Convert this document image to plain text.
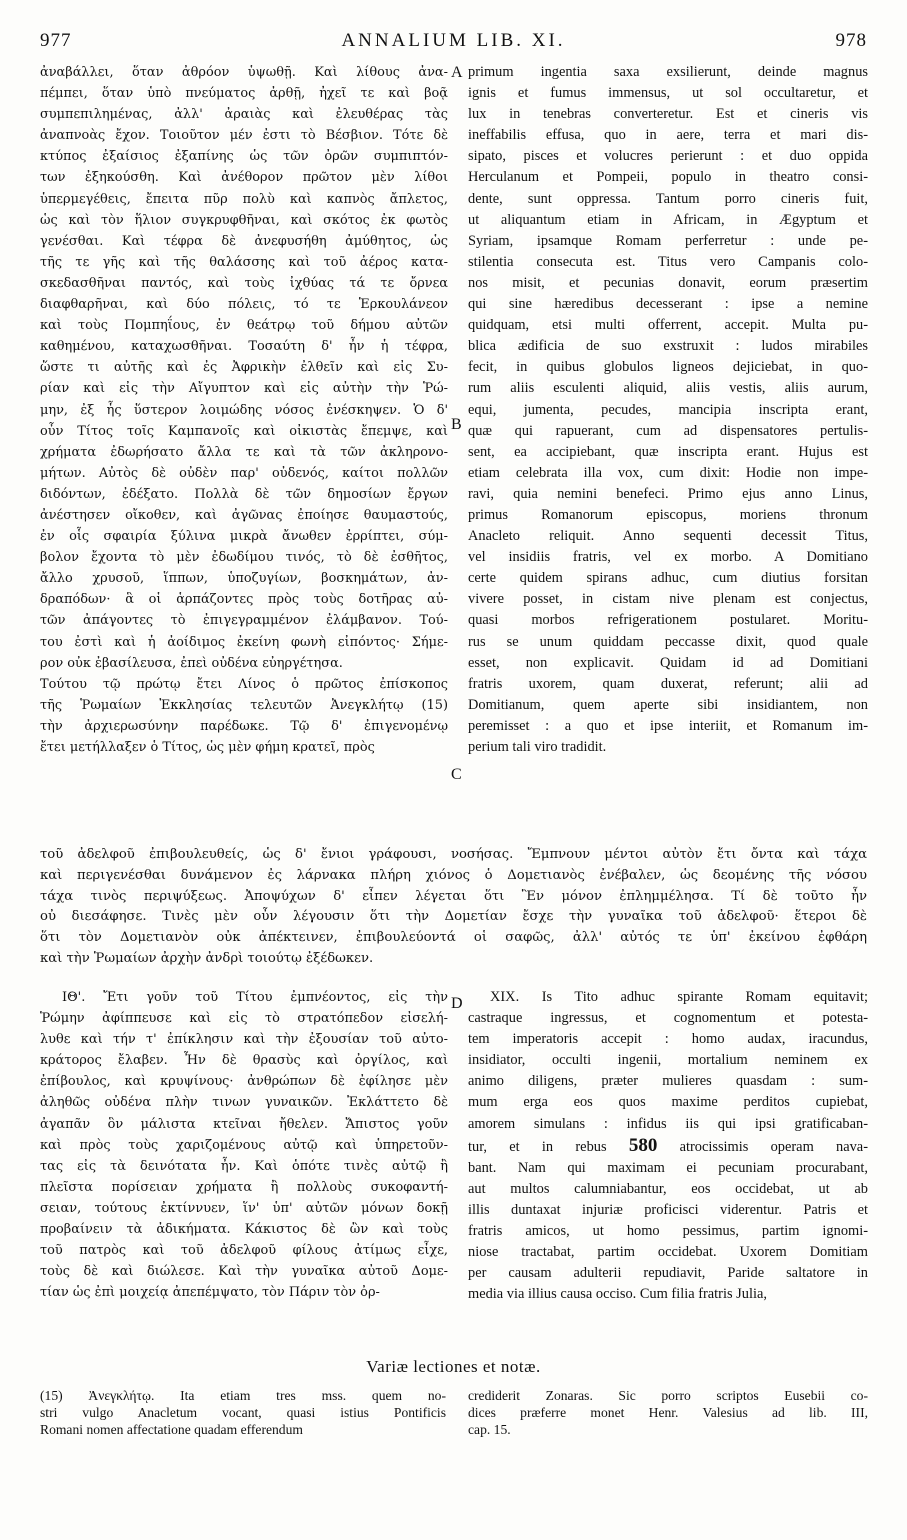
977	ANNALIUM LIB. XI.	978

ἀναβάλλει, ὅταν ἀθρόον ὑψωθῇ. Καὶ λίθους ἀνα-

πέμπει, ὅταν ὑπὸ πνεύματος ἀρθῇ, ἠχεῖ τε καὶ βοᾷ

συμπεπιλημένας, ἀλλ' ἀραιὰς καὶ ἐλευθέρας τὰς

ἀναπνοὰς ἔχον. Τοιοῦτον μέν ἐστι τὸ Βέσβιον. Τότε δὲ

κτύπος ἐξαίσιος ἐξαπίνης ὡς τῶν ὀρῶν συμπιπτόν-

των ἐξηκούσθη. Καὶ ἀνέθορον πρῶτον μὲν λίθοι

ὑπερμεγέθεις, ἔπειτα πῦρ πολὺ καὶ καπνὸς ἄπλετος,

ὡς καὶ τὸν ἥλιον συγκρυφθῆναι, καὶ σκότος ἐκ φωτὸς

γενέσθαι. Καὶ τέφρα δὲ ἀνεφυσήθη ἀμύθητος, ὡς

τῆς τε γῆς καὶ τῆς θαλάσσης καὶ τοῦ ἀέρος κατα-

σκεδασθῆναι παντός, καὶ τοὺς ἰχθύας τά τε ὄρνεα

διαφθαρῆναι, καὶ δύο πόλεις, τό τε Ἑρκουλάνεον

καὶ τοὺς Πομπηΐους, ἐν θεάτρῳ τοῦ δήμου αὐτῶν

καθημένου, καταχωσθῆναι. Τοσαύτη δ' ἦν ἡ τέφρα,

ὥστε τι αὐτῆς καὶ ἐς Ἀφρικὴν ἐλθεῖν καὶ εἰς Συ-

ρίαν καὶ εἰς τὴν Αἴγυπτον καὶ εἰς αὐτὴν τὴν Ῥώ-

μην, ἐξ ἧς ὕστερον λοιμώδης νόσος ἐνέσκηψεν. Ὁ δ'

οὖν Τίτος τοῖς Καμπανοῖς καὶ οἰκιστὰς ἔπεμψε, καὶ

χρήματα ἐδωρήσατο ἄλλα τε καὶ τὰ τῶν ἀκληρονο-

μήτων. Αὐτὸς δὲ οὐδὲν παρ' οὐδενός, καίτοι πολλῶν

διδόντων, ἐδέξατο. Πολλὰ δὲ τῶν δημοσίων ἔργων

ἀνέστησεν οἴκοθεν, καὶ ἀγῶνας ἐποίησε θαυμαστούς,

ἐν οἷς σφαιρία ξύλινα μικρὰ ἄνωθεν ἐρρίπτει, σύμ-

βολον ἔχοντα τὸ μὲν ἐδωδίμου τινός, τὸ δὲ ἐσθῆτος,

ἄλλο χρυσοῦ, ἵππων, ὑποζυγίων, βοσκημάτων, ἀν-

δραπόδων· ἃ οἱ ἁρπάζοντες πρὸς τοὺς δοτῆρας αὐ-

τῶν ἀπάγοντες τὸ ἐπιγεγραμμένον ἐλάμβανον. Τού-

του ἐστὶ καὶ ἡ ἀοίδιμος ἐκείνη φωνὴ εἰπόντος· Σήμε-

ρον οὐκ ἐβασίλευσα, ἐπεὶ οὐδένα εὐηργέτησα.

Τούτου τῷ πρώτῳ ἔτει Λίνος ὁ πρῶτος ἐπίσκοπος

τῆς Ῥωμαίων Ἐκκλησίας τελευτῶν Ἀνεγκλήτῳ (15)

τὴν ἀρχιερωσύνην παρέδωκε. Τῷ δ' ἐπιγενομένῳ

ἔτει μετήλλαξεν ὁ Τίτος, ὡς μὲν φήμη κρατεῖ, πρὸς

A
B
C
D

primum ingentia saxa exsilierunt, deinde magnus

ignis et fumus immensus, ut sol occultaretur, et

lux in tenebras converteretur. Est et cineris vis

ineffabilis effusa, quo in aere, terra et mari dis-

sipato, pisces et volucres perierunt : et duo oppida

Herculanum et Pompeii, populo in theatro consi-

dente, sunt oppressa. Tantum porro cineris fuit,

ut aliquantum etiam in Africam, in Ægyptum et

Syriam, ipsamque Romam perferretur : unde pe-

stilentia consecuta est. Titus vero Campanis colo-

nos misit, et pecunias donavit, eorum præsertim

qui sine hæredibus decesserant : ipse a nemine

quidquam, etsi multi offerrent, accepit. Multa pu-

blica ædificia de suo exstruxit : ludos mirabiles

fecit, in quibus globulos ligneos dejiciebat, in quo-

rum aliis esculenti aliquid, aliis vestis, aliis aurum,

equi, jumenta, pecudes, mancipia inscripta erant,

quæ qui rapuerant, cum ad dispensatores pertulis-

sent, ea accipiebant, quæ inscripta erant. Hujus est

etiam celebrata illa vox, cum dixit: Hodie non impe-

ravi, quia nemini benefeci. Primo ejus anno Linus,

primus Romanorum episcopus, moriens thronum

Anacleto reliquit. Anno sequenti decessit Titus,

vel insidiis fratris, vel ex morbo. A Domitiano

certe quidem spirans adhuc, cum diutius forsitan

vivere posset, in cistam nive plenam est conjectus,

quasi morbos refrigerationem postularet. Moritu-

rus se unum quiddam peccasse dixit, quod quale

esset, non explicavit. Quidam id ad Domitiani

fratris uxorem, quam duxerat, referunt; alii ad

Domitianum, quem aperte sibi insidiantem, non

peremisset : a quo et ipse interiit, et Romanum im-

perium tali viro tradidit.

τοῦ ἀδελφοῦ ἐπιβουλευθείς, ὡς δ' ἔνιοι γράφουσι, νοσήσας. Ἔμπνουν μέντοι αὐτὸν ἔτι ὄντα καὶ τάχα

καὶ περιγενέσθαι δυνάμενον ἐς λάρνακα πλήρη χιόνος ὁ Δομετιανὸς ἐνέβαλεν, ὡς δεομένης τῆς νόσου

τάχα τινὸς περιψύξεως. Ἀποψύχων δ' εἶπεν λέγεται ὅτι Ἓν μόνον ἐπλημμέλησα. Τί δὲ τοῦτο ἦν

οὐ διεσάφησε. Τινὲς μὲν οὖν λέγουσιν ὅτι τὴν Δομετίαν ἔσχε τὴν γυναῖκα τοῦ ἀδελφοῦ· ἕτεροι δὲ

ὅτι τὸν Δομετιανὸν οὐκ ἀπέκτεινεν, ἐπιβουλεύοντά οἱ σαφῶς, ἀλλ' αὐτός τε ὑπ' ἐκείνου ἐφθάρη

καὶ τὴν Ῥωμαίων ἀρχὴν ἀνδρὶ τοιούτῳ ἐξέδωκεν.

ΙΘ'. Ἔτι γοῦν τοῦ Τίτου ἐμπνέοντος, εἰς τὴν

Ῥώμην ἀφίππευσε καὶ εἰς τὸ στρατόπεδον εἰσελή-

λυθε καὶ τήν τ' ἐπίκλησιν καὶ τὴν ἐξουσίαν τοῦ αὐτο-

κράτορος ἔλαβεν. Ἦν δὲ θρασὺς καὶ ὀργίλος, καὶ

ἐπίβουλος, καὶ κρυψίνους· ἀνθρώπων δὲ ἐφίλησε μὲν

ἀληθῶς οὐδένα πλὴν τινων γυναικῶν. Ἐκλάττετο δὲ

ἀγαπᾶν ὃν μάλιστα κτεῖναι ἤθελεν. Ἄπιστος γοῦν

καὶ πρὸς τοὺς χαριζομένους αὐτῷ καὶ ὑπηρετοῦν-

τας εἰς τὰ δεινότατα ἦν. Καὶ ὁπότε τινὲς αὐτῷ ἢ

πλεῖστα πορίσειαν χρήματα ἢ πολλοὺς συκοφαντή-

σειαν, τούτους ἐκτίννυεν, ἵν' ὑπ' αὐτῶν μόνων δοκῇ

προβαίνειν τὰ ἀδικήματα. Κάκιστος δὲ ὢν καὶ τοὺς

τοῦ πατρὸς καὶ τοῦ ἀδελφοῦ φίλους ἀτίμως εἶχε,

τοὺς δὲ καὶ διώλεσε. Καὶ τὴν γυναῖκα αὐτοῦ Δομε-

τίαν ὡς ἐπὶ μοιχείᾳ ἀπεπέμψατο, τὸν Πάριν τὸν ὀρ-

XIX. Is Tito adhuc spirante Romam equitavit;

castraque ingressus, et cognomentum et potesta-

tem imperatoris accepit : homo audax, iracundus,

insidiator, occulti ingenii, mortalium neminem ex

animo diligens, præter mulieres quasdam : sum-

mum erga eos quos maxime perditos cupiebat,

amorem simulans : infidus iis qui ipsi gratificaban-

tur, et in rebus 580 atrocissimis operam nava-

bant. Nam qui maximam ei pecuniam procurabant,

aut multos calumniabantur, eos occidebat, ut ab

illis duntaxat injuriæ proficisci viderentur. Patris et

fratris amicos, ut homo pessimus, partim ignomi-

niose tractabat, partim occidebat. Uxorem Domitiam

per causam adulterii repudiavit, Paride saltatore in

media via illius causa occiso. Cum filia fratris Julia,

Variæ lectiones et notæ.

(15) Ἀνεγκλήτῳ. Ita etiam tres mss. quem no-

stri vulgo Anacletum vocant, quasi istius Pontificis

Romani nomen affectatione quadam efferendum

crediderit Zonaras. Sic porro scriptos Eusebii co-

dices præferre monet Henr. Valesius ad lib. III,

cap. 15.
